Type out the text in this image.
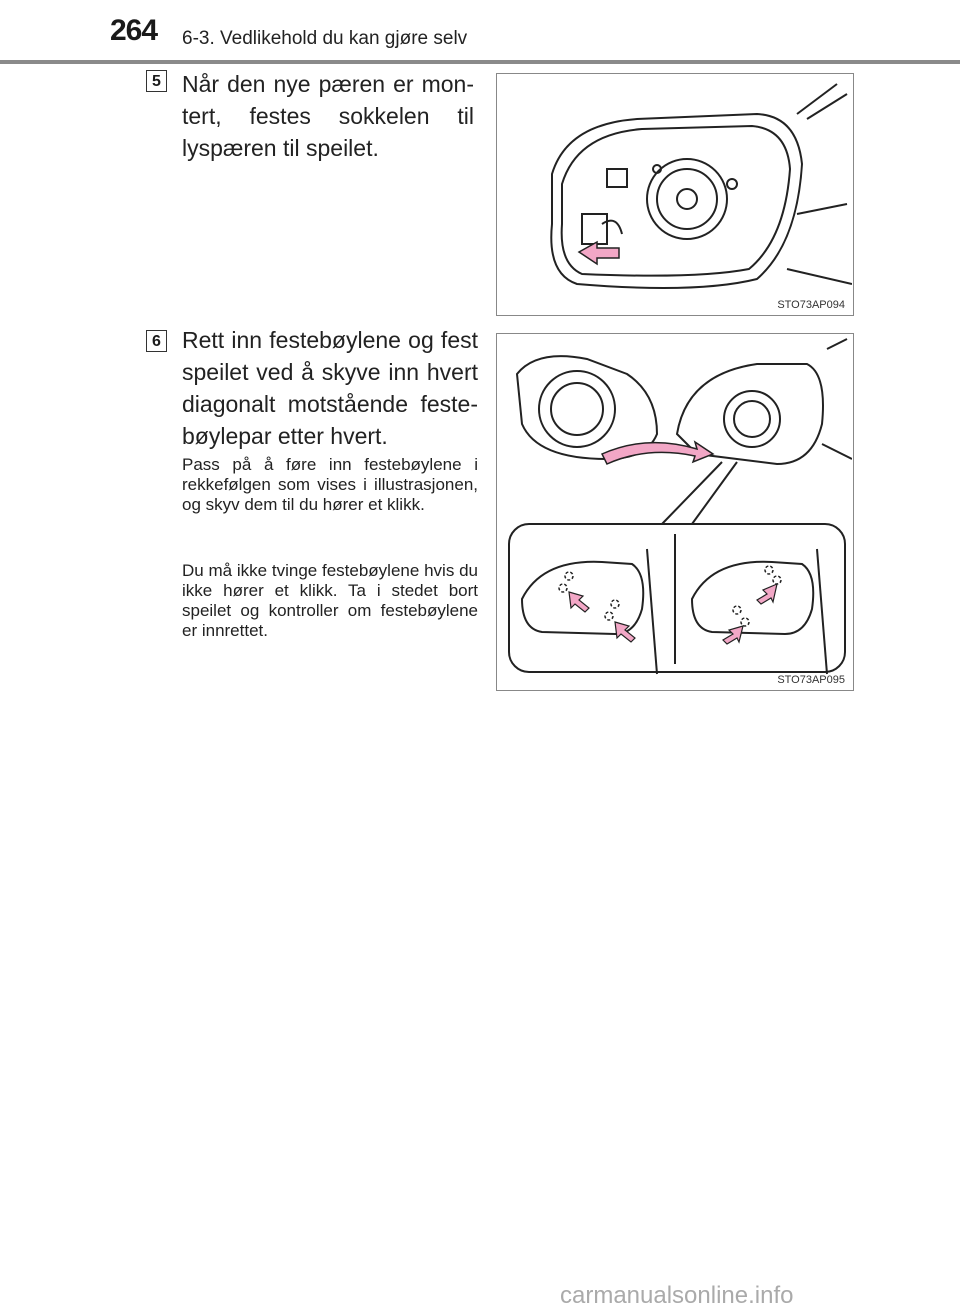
264 6-3. Vedlikehold du kan gjøre selv
5 Når den nye pæren er montert, festes sokkelen til lyspæren til speilet.
STO73AP094
6 Rett inn festebøylene og fest speilet ved å skyve inn hvert diagonalt motstående festebøylepar etter hvert.
Pass på å føre inn festebøylene i rekkefølgen som vises i illustrasjonen, og skyv dem til du hører et klikk.
Du må ikke tvinge festebøylene hvis du ikke hører et klikk. Ta i stedet bort speilet og kontroller om festebøylene er innrettet.
STO73AP095
carmanualsonline.info
